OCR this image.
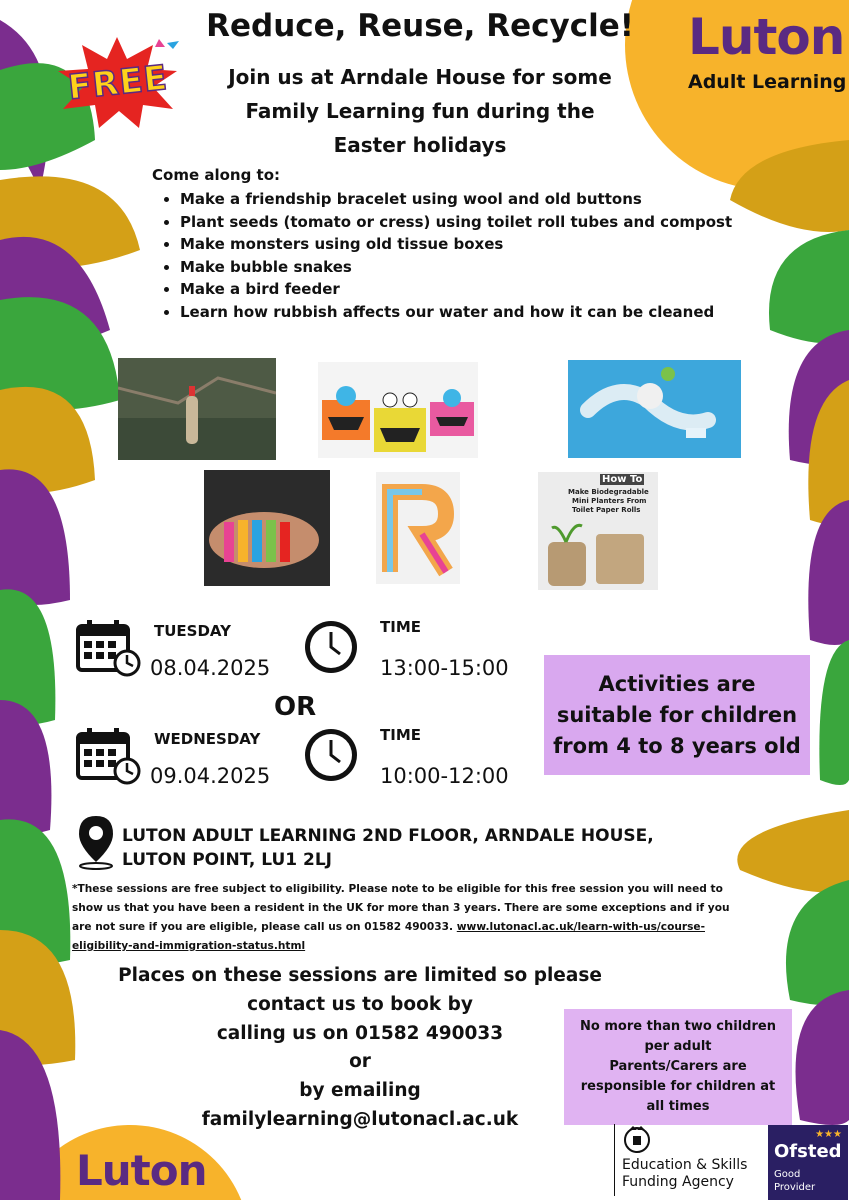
FREE
Luton
Adult Learning
Reduce, Reuse, Recycle!
Join us at Arndale House for some
Family Learning fun during the
Easter holidays
Come along to:
• Make a friendship bracelet using wool and old buttons
• Plant seeds (tomato or cress) using toilet roll tubes and compost
• Make monsters using old tissue boxes
• Make bubble snakes
• Make a bird feeder
• Learn how rubbish affects our water and how it can be cleaned
How To
Make Biodegradable
Mini Planters From
Toilet Paper Rolls
TUESDAY
08.04.2025
TIME
13:00-15:00
OR
WEDNESDAY
09.04.2025
TIME
10:00-12:00
Activities are
suitable for children
from 4 to 8 years old
LUTON ADULT LEARNING 2ND FLOOR, ARNDALE HOUSE,
LUTON POINT, LU1 2LJ
*These sessions are free subject to eligibility. Please note to be eligible for this free session you will need to
show us that you have been a resident in the UK for more than 3 years. There are some exceptions and if you
are not sure if you are eligible, please call us on 01582 490033. www.lutonacl.ac.uk/learn-with-us/course-
eligibility-and-immigration-status.html
Places on these sessions are limited so please
contact us to book by
calling us on 01582 490033
or
by emailing
familylearning@lutonacl.ac.uk
No more than two children
per adult
Parents/Carers are
responsible for children at
all times
Luton	Education & Skills
Funding Agency
★★★
Ofsted
Good
Provider
